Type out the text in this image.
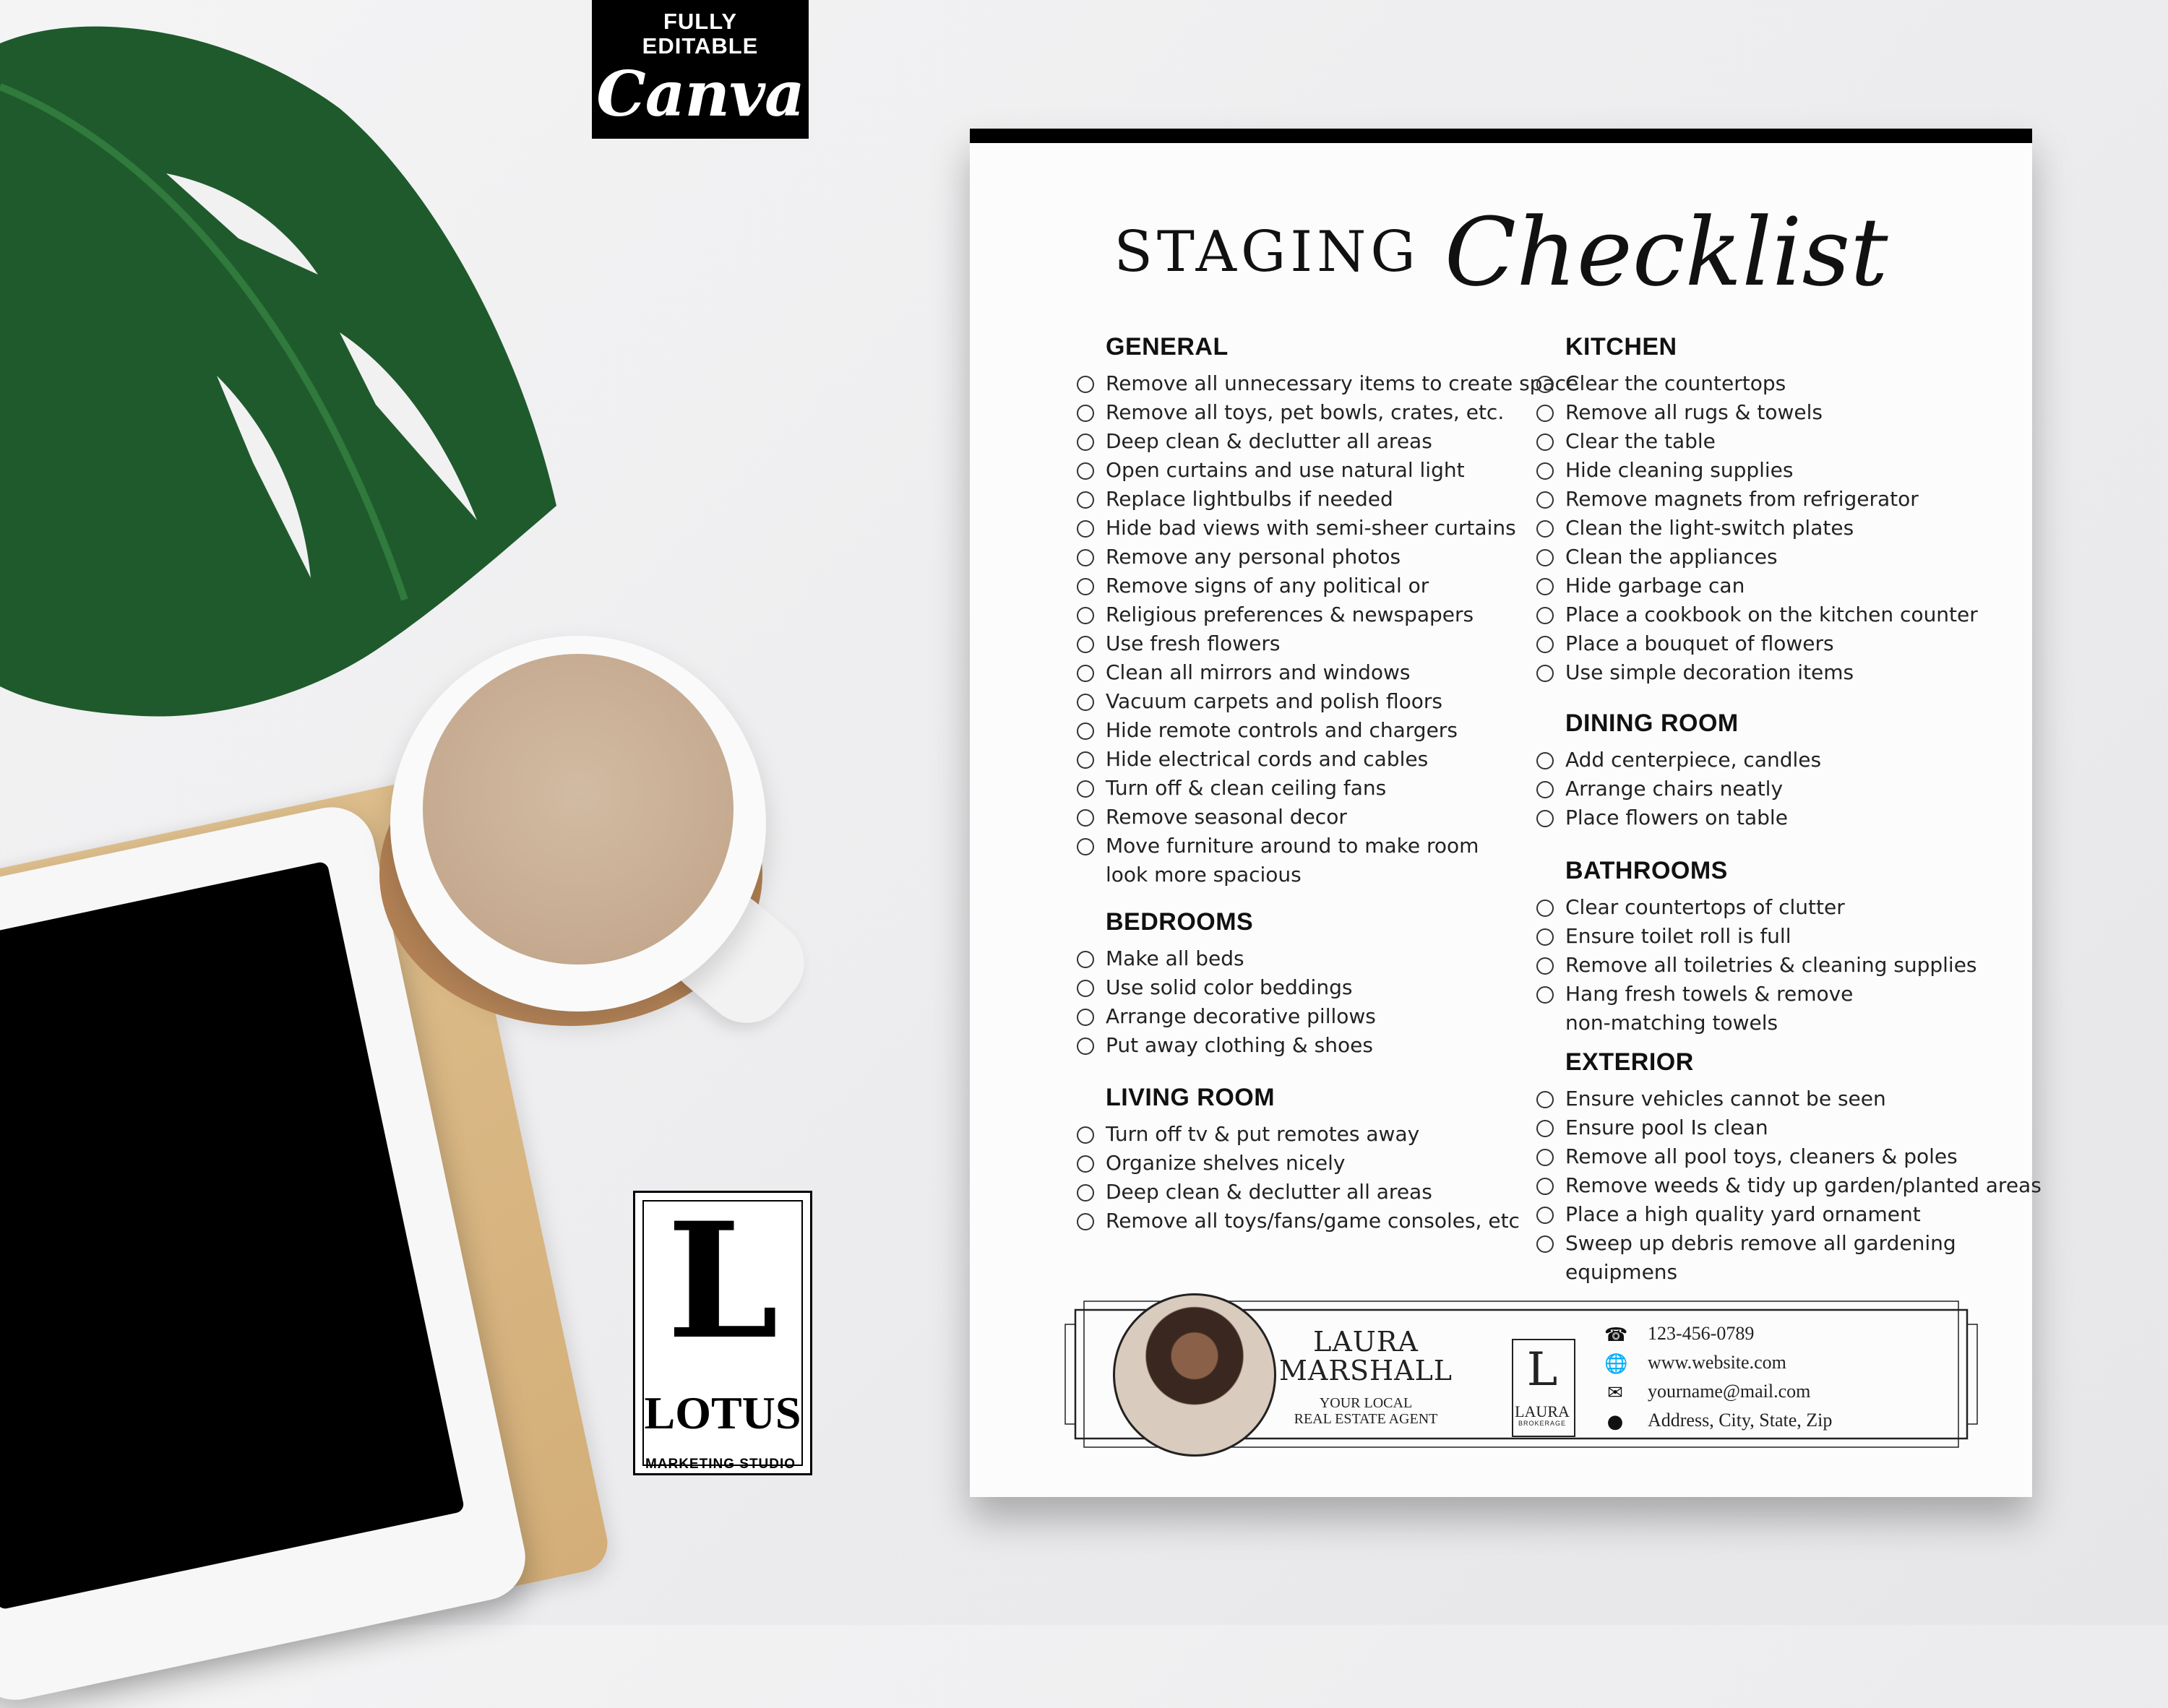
FULLY
EDITABLE
Canva
L
LOTUS
MARKETING STUDIO
STAGING Checklist
LAURA
MARSHALL
YOUR LOCAL
REAL ESTATE AGENT
L
LAURA
BROKERAGE
☎ 123-456-0789
🌐 www.website.com
✉ yourname@mail.com
● Address, City, State, Zip
GENERAL
Remove all unnecessary items to create space
Remove all toys, pet bowls, crates, etc.
Deep clean & declutter all areas
Open curtains and use natural light
Replace lightbulbs if needed
Hide bad views with semi-sheer curtains
Remove any personal photos
Remove signs of any political or
Religious preferences & newspapers
Use fresh flowers
Clean all mirrors and windows
Vacuum carpets and polish floors
Hide remote controls and chargers
Hide electrical cords and cables
Turn off & clean ceiling fans
Remove seasonal decor
Move furniture around to make room
look more spacious
BEDROOMS
Make all beds
Use solid color beddings
Arrange decorative pillows
Put away clothing & shoes
LIVING ROOM
Turn off tv & put remotes away
Organize shelves nicely
Deep clean & declutter all areas
Remove all toys/fans/game consoles, etc
KITCHEN
Clear the countertops
Remove all rugs & towels
Clear the table
Hide cleaning supplies
Remove magnets from refrigerator
Clean the light-switch plates
Clean the appliances
Hide garbage can
Place a cookbook on the kitchen counter
Place a bouquet of flowers
Use simple decoration items
DINING ROOM
Add centerpiece, candles
Arrange chairs neatly
Place flowers on table
BATHROOMS
Clear countertops of clutter
Ensure toilet roll is full
Remove all toiletries & cleaning supplies
Hang fresh towels & remove
non-matching towels
EXTERIOR
Ensure vehicles cannot be seen
Ensure pool Is clean
Remove all pool toys, cleaners & poles
Remove weeds & tidy up garden/planted areas
Place a high quality yard ornament
Sweep up debris remove all gardening
equipmens
